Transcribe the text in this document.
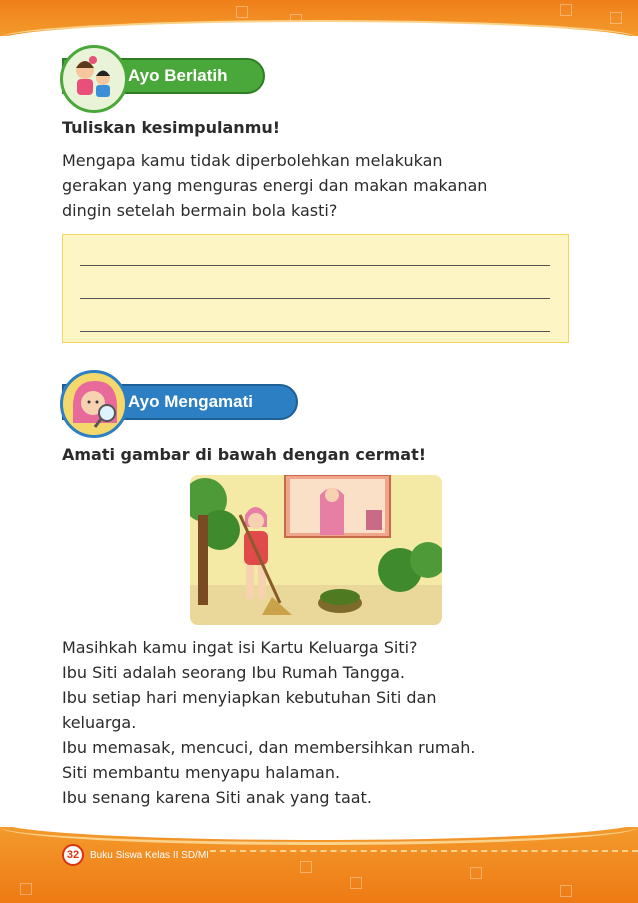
Ayo Berlatih
Tuliskan kesimpulanmu!
Mengapa kamu tidak diperbolehkan melakukan
gerakan yang menguras energi dan makan makanan
dingin setelah bermain bola kasti?
Ayo Mengamati
Amati gambar di bawah dengan cermat!
Masihkah kamu ingat isi Kartu Keluarga Siti?
Ibu Siti adalah seorang Ibu Rumah Tangga.
Ibu setiap hari menyiapkan kebutuhan Siti dan
keluarga.
Ibu memasak, mencuci, dan membersihkan rumah.
Siti membantu menyapu halaman.
Ibu senang karena Siti anak yang taat.
32	Buku Siswa Kelas II SD/MI
